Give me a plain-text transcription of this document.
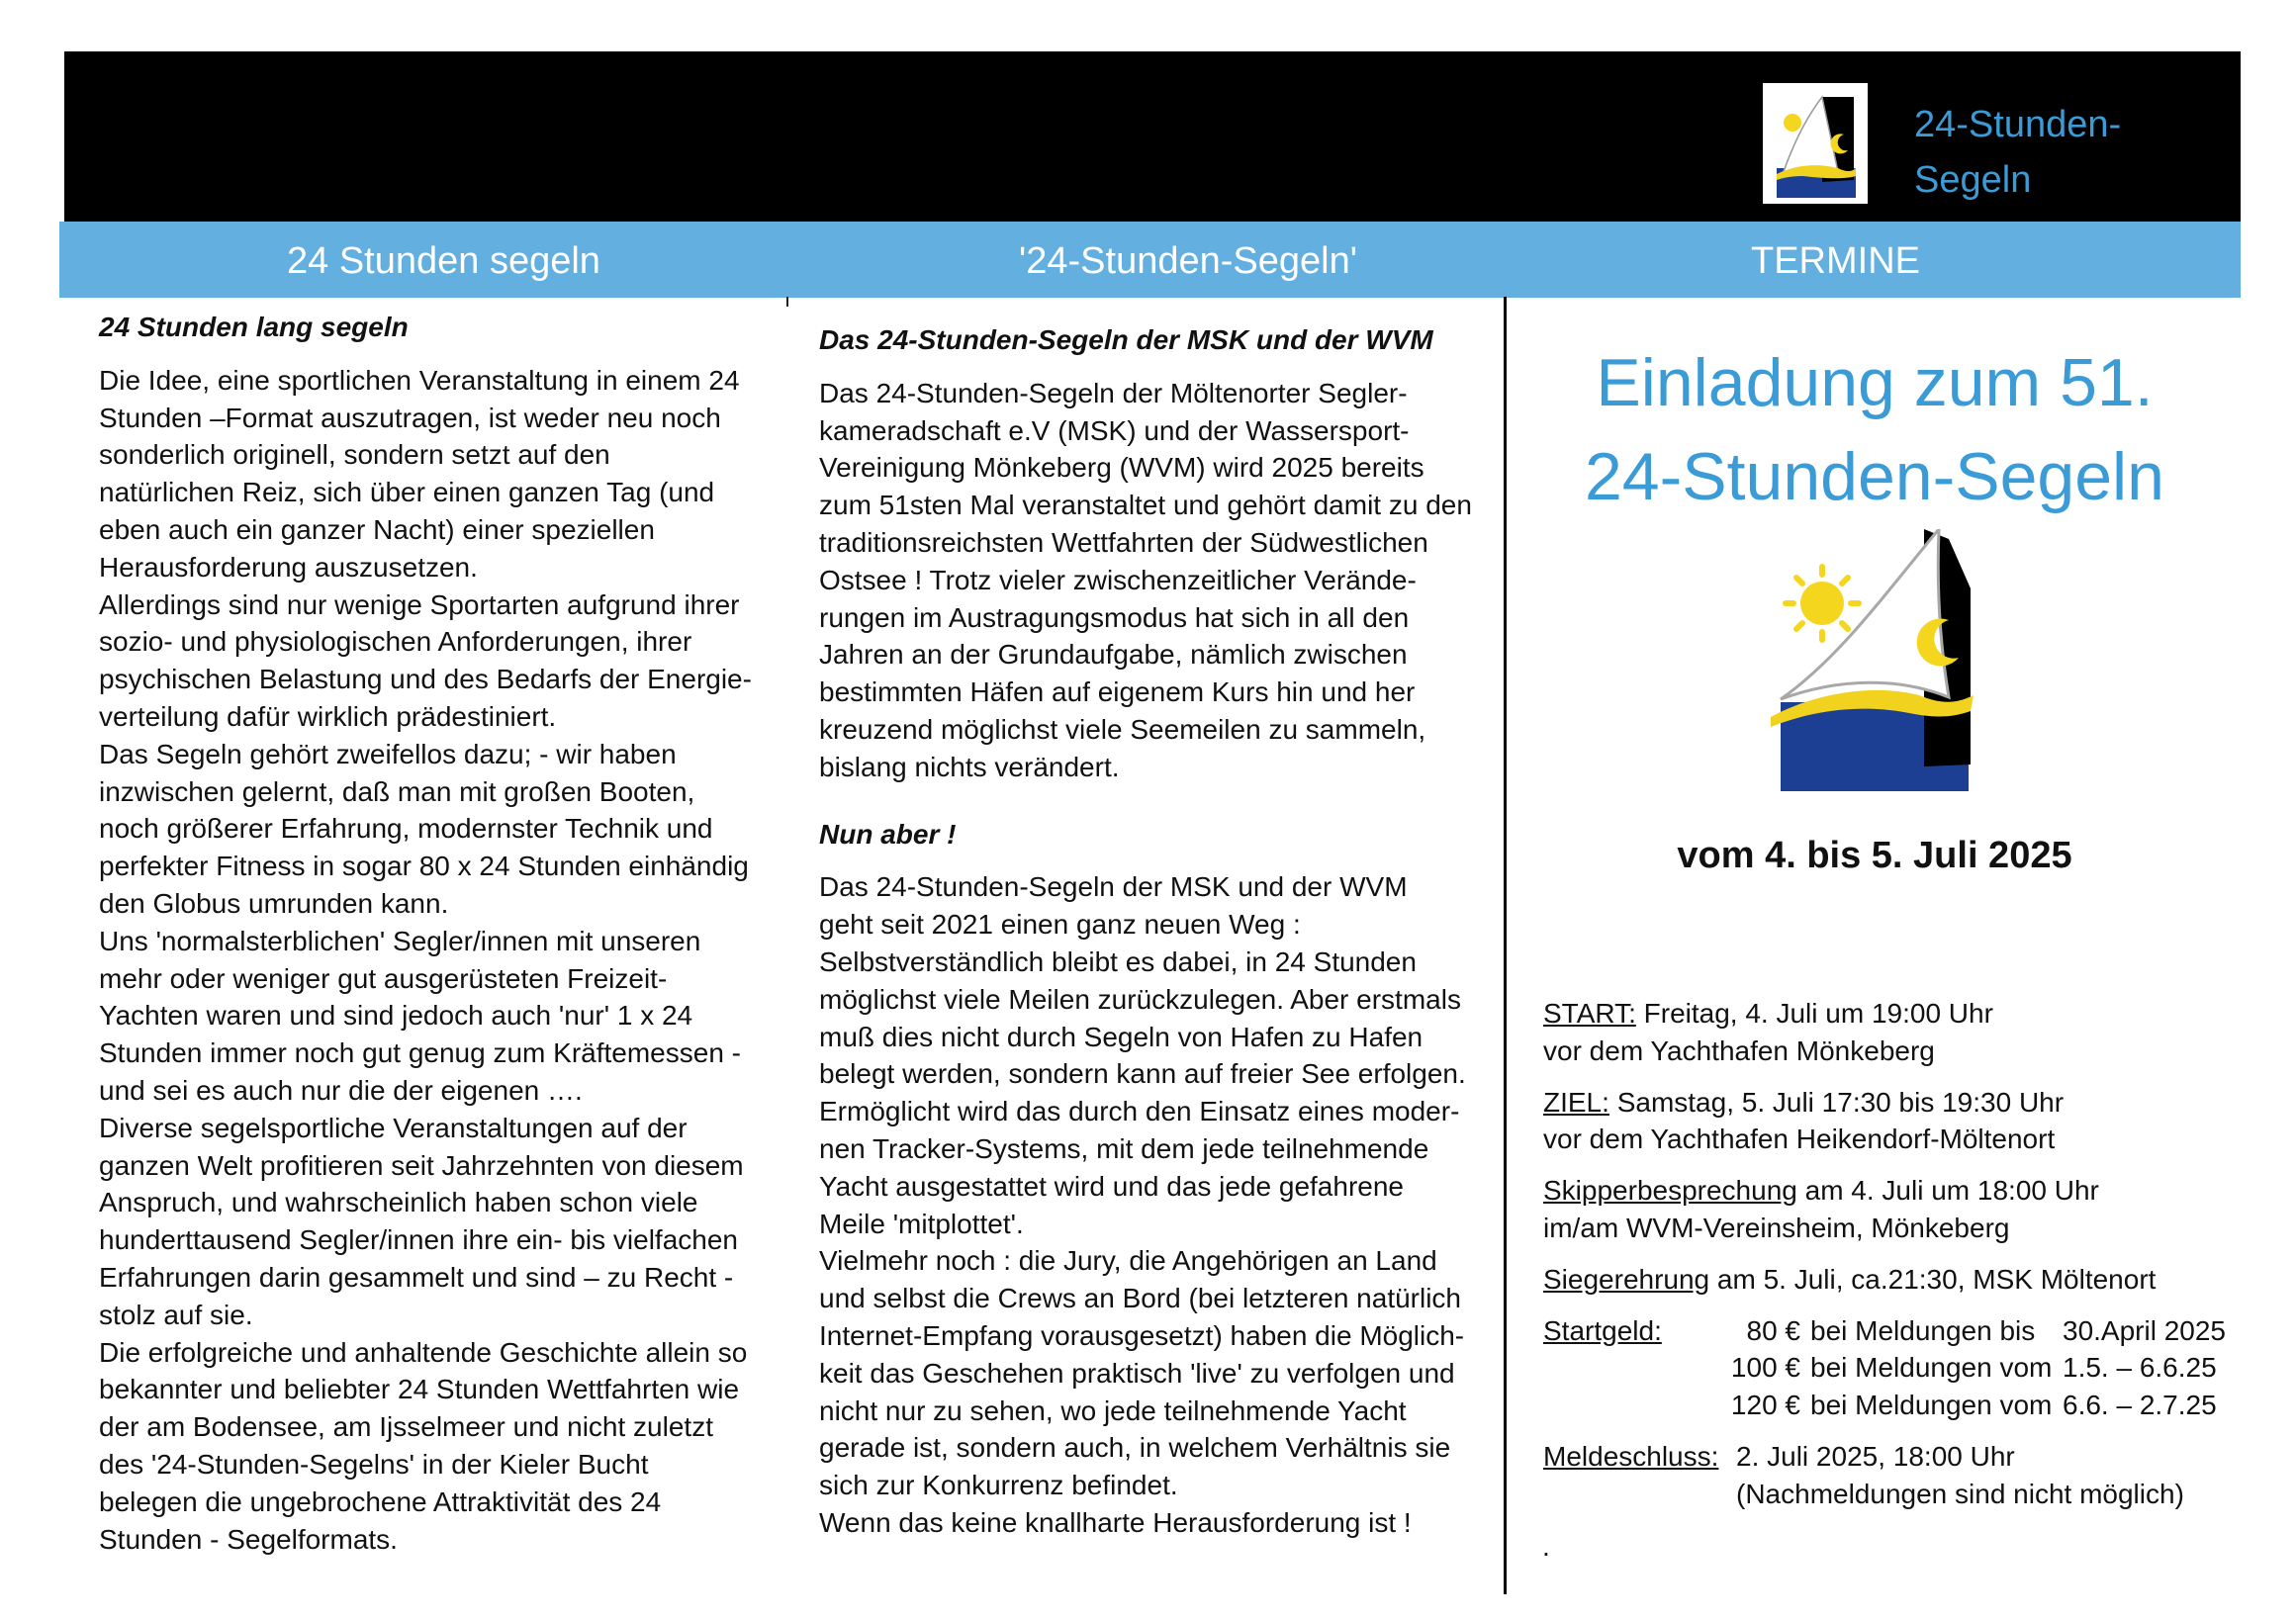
24-Stunden-
Segeln
24 Stunden segeln	'24-Stunden-Segeln'	TERMINE
24 Stunden lang segeln

Die Idee, eine sportlichen Veranstaltung in einem 24

Stunden –Format auszutragen, ist weder neu noch

sonderlich originell, sondern setzt auf den

natürlichen Reiz, sich über einen ganzen Tag (und

eben auch ein ganzer Nacht) einer speziellen

Herausforderung auszusetzen.

Allerdings sind nur wenige Sportarten aufgrund ihrer

sozio- und physiologischen Anforderungen, ihrer

psychischen Belastung und des Bedarfs der Energie-

verteilung dafür wirklich prädestiniert.

Das Segeln gehört zweifellos dazu; - wir haben

inzwischen gelernt, daß man mit großen Booten,

noch größerer Erfahrung, modernster Technik und

perfekter Fitness in sogar 80 x 24 Stunden einhändig

den Globus umrunden kann.

Uns 'normalsterblichen' Segler/innen mit unseren

mehr oder weniger gut ausgerüsteten Freizeit-

Yachten waren und sind jedoch auch 'nur' 1 x 24

Stunden immer noch gut genug zum Kräftemessen -

und sei es auch nur die der eigenen ….

Diverse segelsportliche Veranstaltungen auf der

ganzen Welt profitieren seit Jahrzehnten von diesem

Anspruch, und wahrscheinlich haben schon viele

hunderttausend Segler/innen ihre ein- bis vielfachen

Erfahrungen darin gesammelt und sind – zu Recht -

stolz auf sie.

Die erfolgreiche und anhaltende Geschichte allein so

bekannter und beliebter 24 Stunden Wettfahrten wie

der am Bodensee, am Ijsselmeer und nicht zuletzt

des '24-Stunden-Segelns' in der Kieler Bucht

belegen die ungebrochene Attraktivität des 24

Stunden - Segelformats.

Das 24-Stunden-Segeln der MSK und der WVM

Das 24-Stunden-Segeln der Möltenorter Segler-

kameradschaft e.V (MSK) und der Wassersport-

Vereinigung Mönkeberg (WVM) wird 2025 bereits

zum 51sten Mal veranstaltet und gehört damit zu den

traditionsreichsten Wettfahrten der Südwestlichen

Ostsee ! Trotz vieler zwischenzeitlicher Verände-

rungen im Austragungsmodus hat sich in all den

Jahren an der Grundaufgabe, nämlich zwischen

bestimmten Häfen auf eigenem Kurs hin und her

kreuzend möglichst viele Seemeilen zu sammeln,

bislang nichts verändert.

Nun aber !

Das 24-Stunden-Segeln der MSK und der WVM

geht seit 2021 einen ganz neuen Weg :

Selbstverständlich bleibt es dabei, in 24 Stunden

möglichst viele Meilen zurückzulegen. Aber erstmals

muß dies nicht durch Segeln von Hafen zu Hafen

belegt werden, sondern kann auf freier See erfolgen.

Ermöglicht wird das durch den Einsatz eines moder-

nen Tracker-Systems, mit dem jede teilnehmende

Yacht ausgestattet wird und das jede gefahrene

Meile 'mitplottet'.

Vielmehr noch : die Jury, die Angehörigen an Land

und selbst die Crews an Bord (bei letzteren natürlich

Internet-Empfang vorausgesetzt) haben die Möglich-

keit das Geschehen praktisch 'live' zu verfolgen und

nicht nur zu sehen, wo jede teilnehmende Yacht

gerade ist, sondern auch, in welchem Verhältnis sie

sich zur Konkurrenz befindet.

Wenn das keine knallharte Herausforderung ist !

Einladung zum 51.
24-Stunden-Segeln
vom 4. bis 5. Juli 2025
START: Freitag, 4. Juli um 19:00 Uhr
vor dem Yachthafen Mönkeberg
ZIEL: Samstag, 5. Juli 17:30 bis 19:30 Uhr
vor dem Yachthafen Heikendorf-Möltenort
Skipperbesprechung am 4. Juli um 18:00 Uhr
im/am WVM-Vereinsheim, Mönkeberg
Siegerehrung am 5. Juli, ca.21:30, MSK Möltenort
Startgeld:	80 € bei Meldungen bis 30.April 2025
100 € bei Meldungen vom 1.5. – 6.6.25
120 € bei Meldungen vom 6.6. – 2.7.25
Meldeschluss: 2. Juli 2025, 18:00 Uhr
(Nachmeldungen sind nicht möglich)
.
